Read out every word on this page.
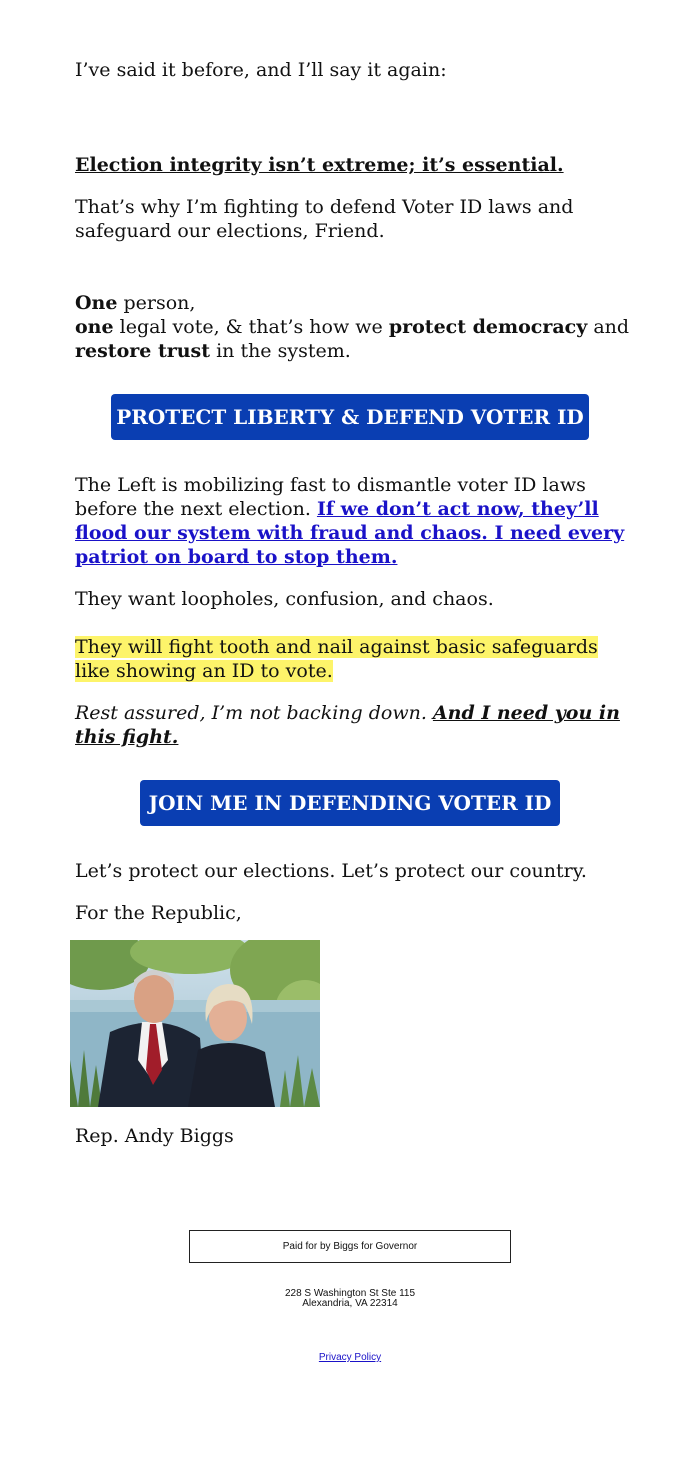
I’ve said it before, and I’ll say it again:

Election integrity isn’t extreme; it’s essential.

That’s why I’m fighting to defend Voter ID laws and safeguard our elections, Friend.

One person,
one legal vote, & that’s how we protect democracy and restore trust in the system.

The Left is mobilizing fast to dismantle voter ID laws before the next election. If we don’t act now, they’ll flood our system with fraud and chaos. I need every patriot on board to stop them.

They want loopholes, confusion, and chaos.

They will fight tooth and nail against basic safeguards like showing an ID to vote.

Rest assured, I’m not backing down. And I need you in this fight.

Let’s protect our elections. Let’s protect our country.

For the Republic,

Rep. Andy Biggs

PROTECT LIBERTY & DEFEND VOTER ID
JOIN ME IN DEFENDING VOTER ID
Paid for by Biggs for Governor
228 S Washington St Ste 115
Alexandria, VA 22314
Privacy Policy
